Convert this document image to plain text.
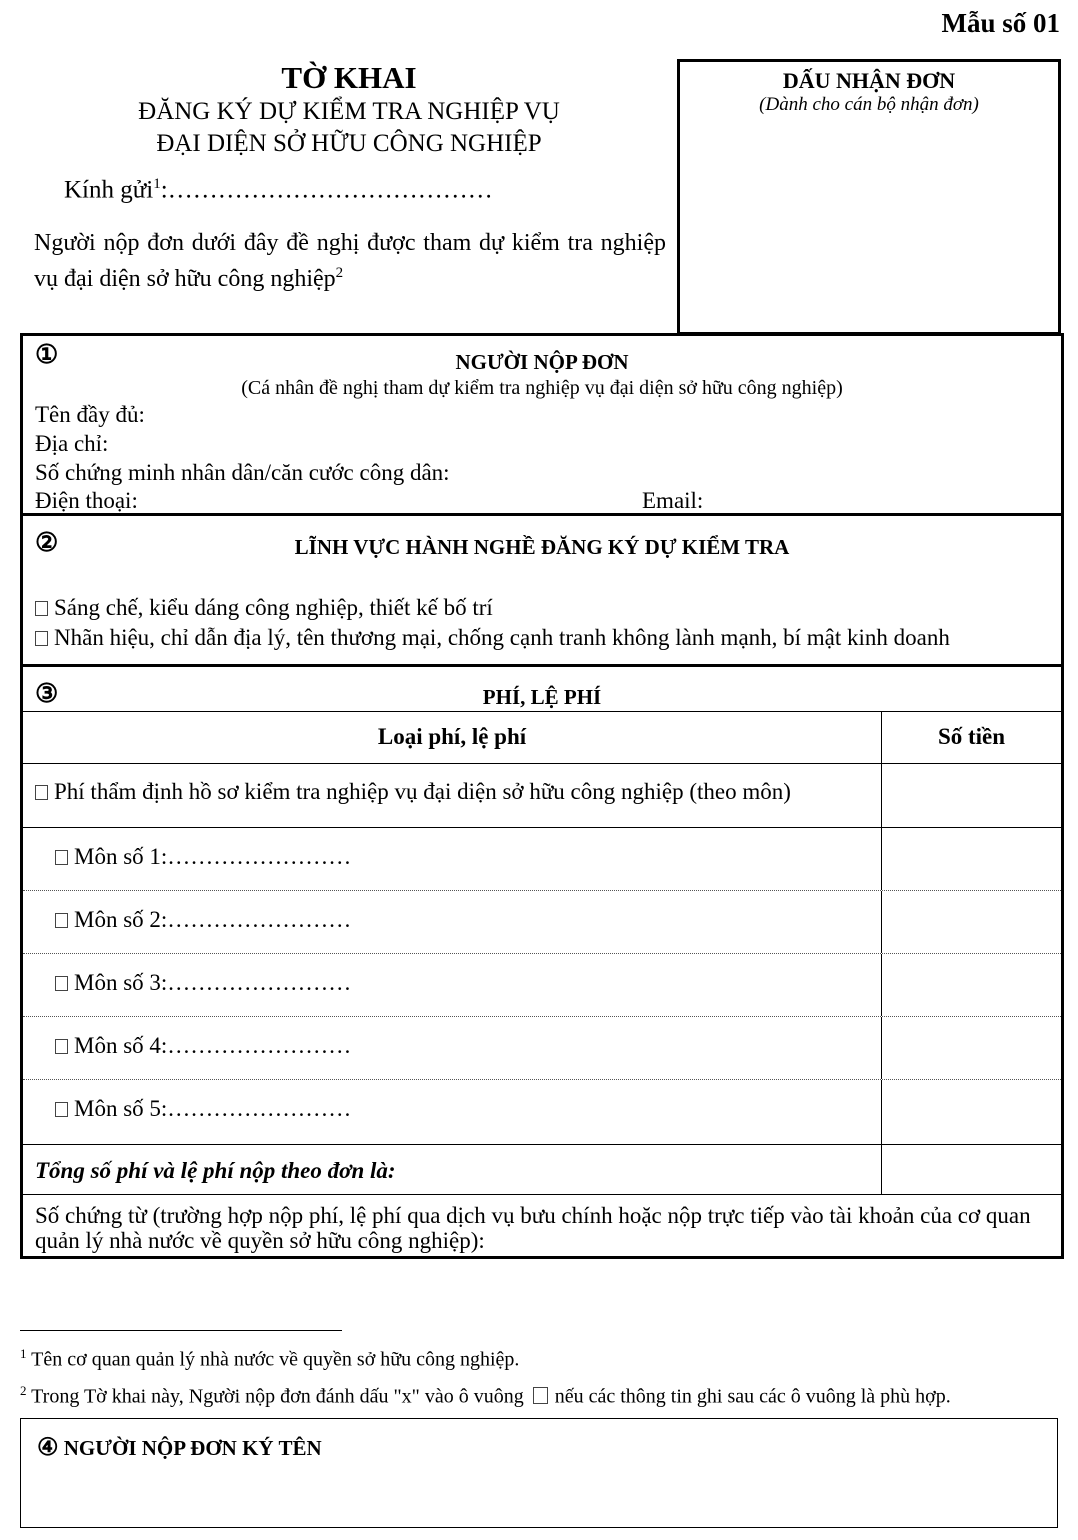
Mẫu số 01
TỜ KHAI
ĐĂNG KÝ DỰ KIỂM TRA NGHIỆP VỤ
ĐẠI DIỆN SỞ HỮU CÔNG NGHIỆP
Kính gửi$^1$:…………………………………
Người nộp đơn dưới đây đề nghị được tham dự kiểm tra nghiệp vụ đại diện sở hữu công nghiệp$^2$
DẤU NHẬN ĐƠN
(Dành cho cán bộ nhận đơn)
①	NGƯỜI NỘP ĐƠN
(Cá nhân đề nghị tham dự kiểm tra nghiệp vụ đại diện sở hữu công nghiệp)
Tên đầy đủ:
Địa chỉ:
Số chứng minh nhân dân/căn cước công dân:
Điện thoại:	Email:
②	LĨNH VỰC HÀNH NGHỀ ĐĂNG KÝ DỰ KIỂM TRA
Sáng chế, kiểu dáng công nghiệp, thiết kế bố trí
Nhãn hiệu, chỉ dẫn địa lý, tên thương mại, chống cạnh tranh không lành mạnh, bí mật kinh doanh
③	PHÍ, LỆ PHÍ
Loại phí, lệ phí	Số tiền
Phí thẩm định hồ sơ kiểm tra nghiệp vụ đại diện sở hữu công nghiệp (theo môn)
Môn số 1:……………………
Môn số 2:……………………
Môn số 3:……………………
Môn số 4:……………………
Môn số 5:……………………
Tổng số phí và lệ phí nộp theo đơn là:
Số chứng từ (trường hợp nộp phí, lệ phí qua dịch vụ bưu chính hoặc nộp trực tiếp vào tài khoản của cơ quan quản lý nhà nước về quyền sở hữu công nghiệp):
$^1$ Tên cơ quan quản lý nhà nước về quyền sở hữu công nghiệp.
$^2$ Trong Tờ khai này, Người nộp đơn đánh dấu "x" vào ô vuông nếu các thông tin ghi sau các ô vuông là phù hợp.
④ NGƯỜI NỘP ĐƠN KÝ TÊN
